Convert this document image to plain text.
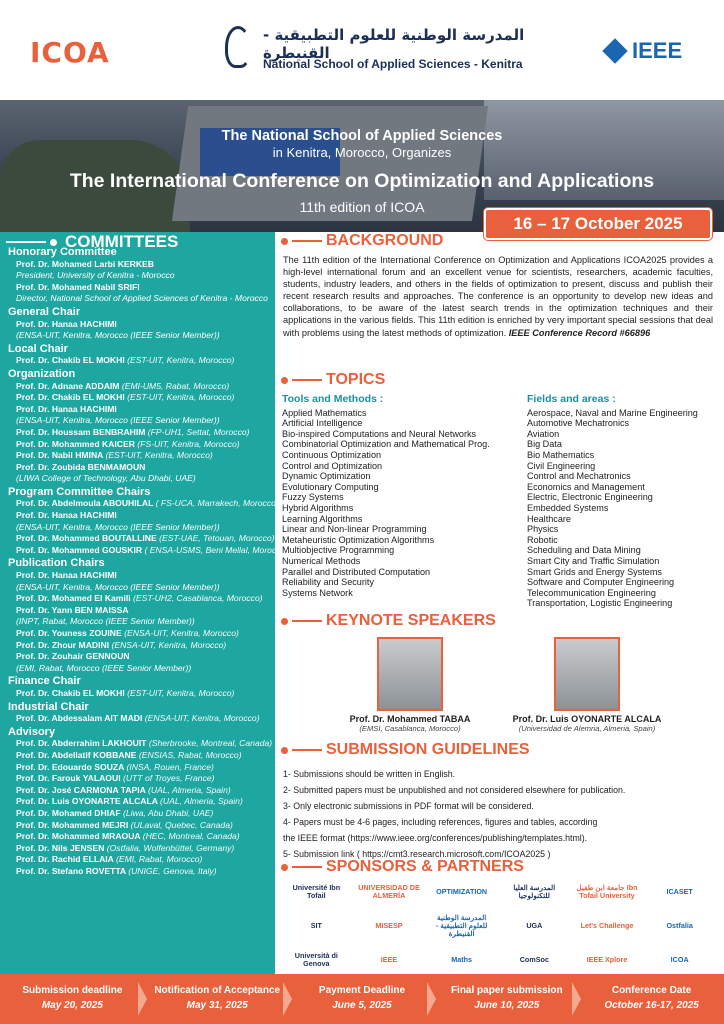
ICOA
المدرسة الوطنية للعلوم التطبيقية - القنيطرة
National School of Applied Sciences - Kenitra
IEEE
The National School of Applied Sciences
in Kenitra, Morocco, Organizes
The International Conference on Optimization and Applications
11th edition of ICOA
16 – 17 October 2025
COMMITTEES
Honorary Committee
Prof. Dr. Mohamed Larbi KERKEB
President, University of Kenitra - Morocco
Prof. Dr. Mohamed Nabil SRIFI
Director, National School of Applied Sciences of Kenitra - Morocco
General Chair
Prof. Dr. Hanaa HACHIMI
(ENSA-UIT, Kenitra, Morocco (IEEE Senior Member))
Local Chair
Prof. Dr. Chakib EL MOKHI (EST-UIT, Kenitra, Morocco)
Organization
Prof. Dr. Adnane ADDAIM (EMI-UM5, Rabat, Morocco)
Prof. Dr. Chakib EL MOKHI (EST-UIT, Kenitra, Morocco)
Prof. Dr. Hanaa HACHIMI
(ENSA-UIT, Kenitra, Morocco (IEEE Senior Member))
Prof. Dr. Houssam BENBRAHIM (FP-UH1, Settat, Morocco)
Prof. Dr. Mohammed KAICER (FS-UIT, Kenitra, Morocco)
Prof. Dr. Nabil HMINA (EST-UIT, Kenitra, Morocco)
Prof. Dr. Zoubida BENMAMOUN
(LIWA College of Technology, Abu Dhabi, UAE)
Program Committee Chairs
Prof. Dr. Abdelmoula ABOUHILAL ( FS-UCA, Marrakech, Morocco)
Prof. Dr. Hanaa HACHIMI
(ENSA-UIT, Kenitra, Morocco (IEEE Senior Member))
Prof. Dr. Mohammed BOUTALLINE (EST-UAE, Tetouan, Morocco)
Prof. Dr. Mohammed GOUSKIR ( ENSA-USMS, Beni Mellal, Morocco)
Publication Chairs
Prof. Dr. Hanaa HACHIMI
(ENSA-UIT, Kenitra, Morocco (IEEE Senior Member))
Prof. Dr. Mohamed El Kamili (EST-UH2, Casablanca, Morocco)
Prof. Dr. Yann BEN MAISSA
(INPT, Rabat, Morocco (IEEE Senior Member))
Prof. Dr. Youness ZOUINE (ENSA-UIT, Kenitra, Morocco)
Prof. Dr. Zhour MADINI (ENSA-UIT, Kenitra, Morocco)
Prof. Dr. Zouhair GENNOUN
(EMI, Rabat, Morocco (IEEE Senior Member))
Finance Chair
Prof. Dr. Chakib EL MOKHI (EST-UIT, Kenitra, Morocco)
Industrial Chair
Prof. Dr. Abdessalam AIT MADI (ENSA-UIT, Kenitra, Morocco)
Advisory
Prof. Dr. Abderrahim LAKHOUIT (Sherbrooke, Montreal, Canada)
Prof. Dr. Abdellatif KOBBANE (ENSIAS, Rabat, Morocco)
Prof. Dr. Edouardo SOUZA (INSA, Rouen, France)
Prof. Dr. Farouk YALAOUI (UTT of Troyes, France)
Prof. Dr. José CARMONA TAPIA (UAL, Almeria, Spain)
Prof. Dr. Luis OYONARTE ALCALA (UAL, Almeria, Spain)
Prof. Dr. Mohamed DHIAF (Liwa, Abu Dhabi, UAE)
Prof. Dr. Mohammed MEJRI (ULaval, Quebec, Canada)
Prof. Dr. Mohammed MRAOUA (HEC, Montreal, Canada)
Prof. Dr. Nils JENSEN (Ostfalia, Wolfenbüttel, Germany)
Prof. Dr. Rachid ELLAIA (EMI, Rabat, Morocco)
Prof. Dr. Stefano ROVETTA (UNIGE, Genova, Italy)
BACKGROUND
The 11th edition of the International Conference on Optimization and Applications ICOA2025 provides a high-level international forum and an excellent venue for scientists, researchers, academic faculties, students, industry leaders, and others in the fields of optimization to present, discuss and publish their recent research results and approaches. The conference is an opportunity to develop new ideas and collaborations, to be aware of the latest search trends in the optimization techniques and their applications in the various fields. This 11th edition is enriched by very important special sessions that deal with problems using the latest methods of optimization. IEEE Conference Record #66896
TOPICS
Tools and Methods :
Applied Mathematics
Artificial Intelligence
Bio-inspired Computations and Neural Networks
Combinatorial Optimization and Mathematical Prog.
Continuous Optimization
Control and Optimization
Dynamic Optimization
Evolutionary Computing
Fuzzy Systems
Hybrid Algorithms
Learning Algorithms
Linear and Non-linear Programming
Metaheuristic Optimization Algorithms
Multiobjective Programming
Numerical Methods
Parallel and Distributed Computation
Reliability and Security
Systems Network
Fields and areas :
Aerospace, Naval and Marine Engineering
Automotive Mechatronics
Aviation
Big Data
Bio Mathematics
Civil Engineering
Control and Mechatronics
Economics and Management
Electric, Electronic Engineering
Embedded Systems
Healthcare
Physics
Robotic
Scheduling and Data Mining
Smart City and Traffic Simulation
Smart Grids and Energy Systems
Software and Computer Engineering
Telecommunication Engineering
Transportation, Logistic Engineering
KEYNOTE SPEAKERS
Prof. Dr. Mohammed TABAA
(EMSI, Casablanca, Morocco)
Prof. Dr. Luis OYONARTE ALCALA
(Universidad de Alemria, Almeria, Spain)
SUBMISSION GUIDELINES
1- Submissions should be written in English.
2- Submitted papers must be unpublished and not considered elsewhere for publication.
3- Only electronic submissions in PDF format will be considered.
4- Papers must be 4-6 pages, including references, figures and tables, according
the IEEE format (https://www.ieee.org/conferences/publishing/templates.html).
5- Submission link ( https://cmt3.research.microsoft.com/ICOA2025 )
SPONSORS & PARTNERS
Université Ibn Tofail
UNIVERSIDAD DE ALMERÍA	OPTIMIZATION	المدرسة العليا للتكنولوجيا
جامعة ابن طفيل Ibn Tofail University	ICASET
SIT	MISESP
المدرسة الوطنية للعلوم التطبيقية - القنيطرة
UGA	Let's Challenge	Ostfalia
Università di Genova	IEEE	Maths	ComSoc	IEEE Xplore	ICOA
Submission deadline
May 20, 2025
Notification of Acceptance
May 31, 2025
Payment Deadline
June 5, 2025
Final paper submission
June 10, 2025
Conference Date
October 16-17, 2025
